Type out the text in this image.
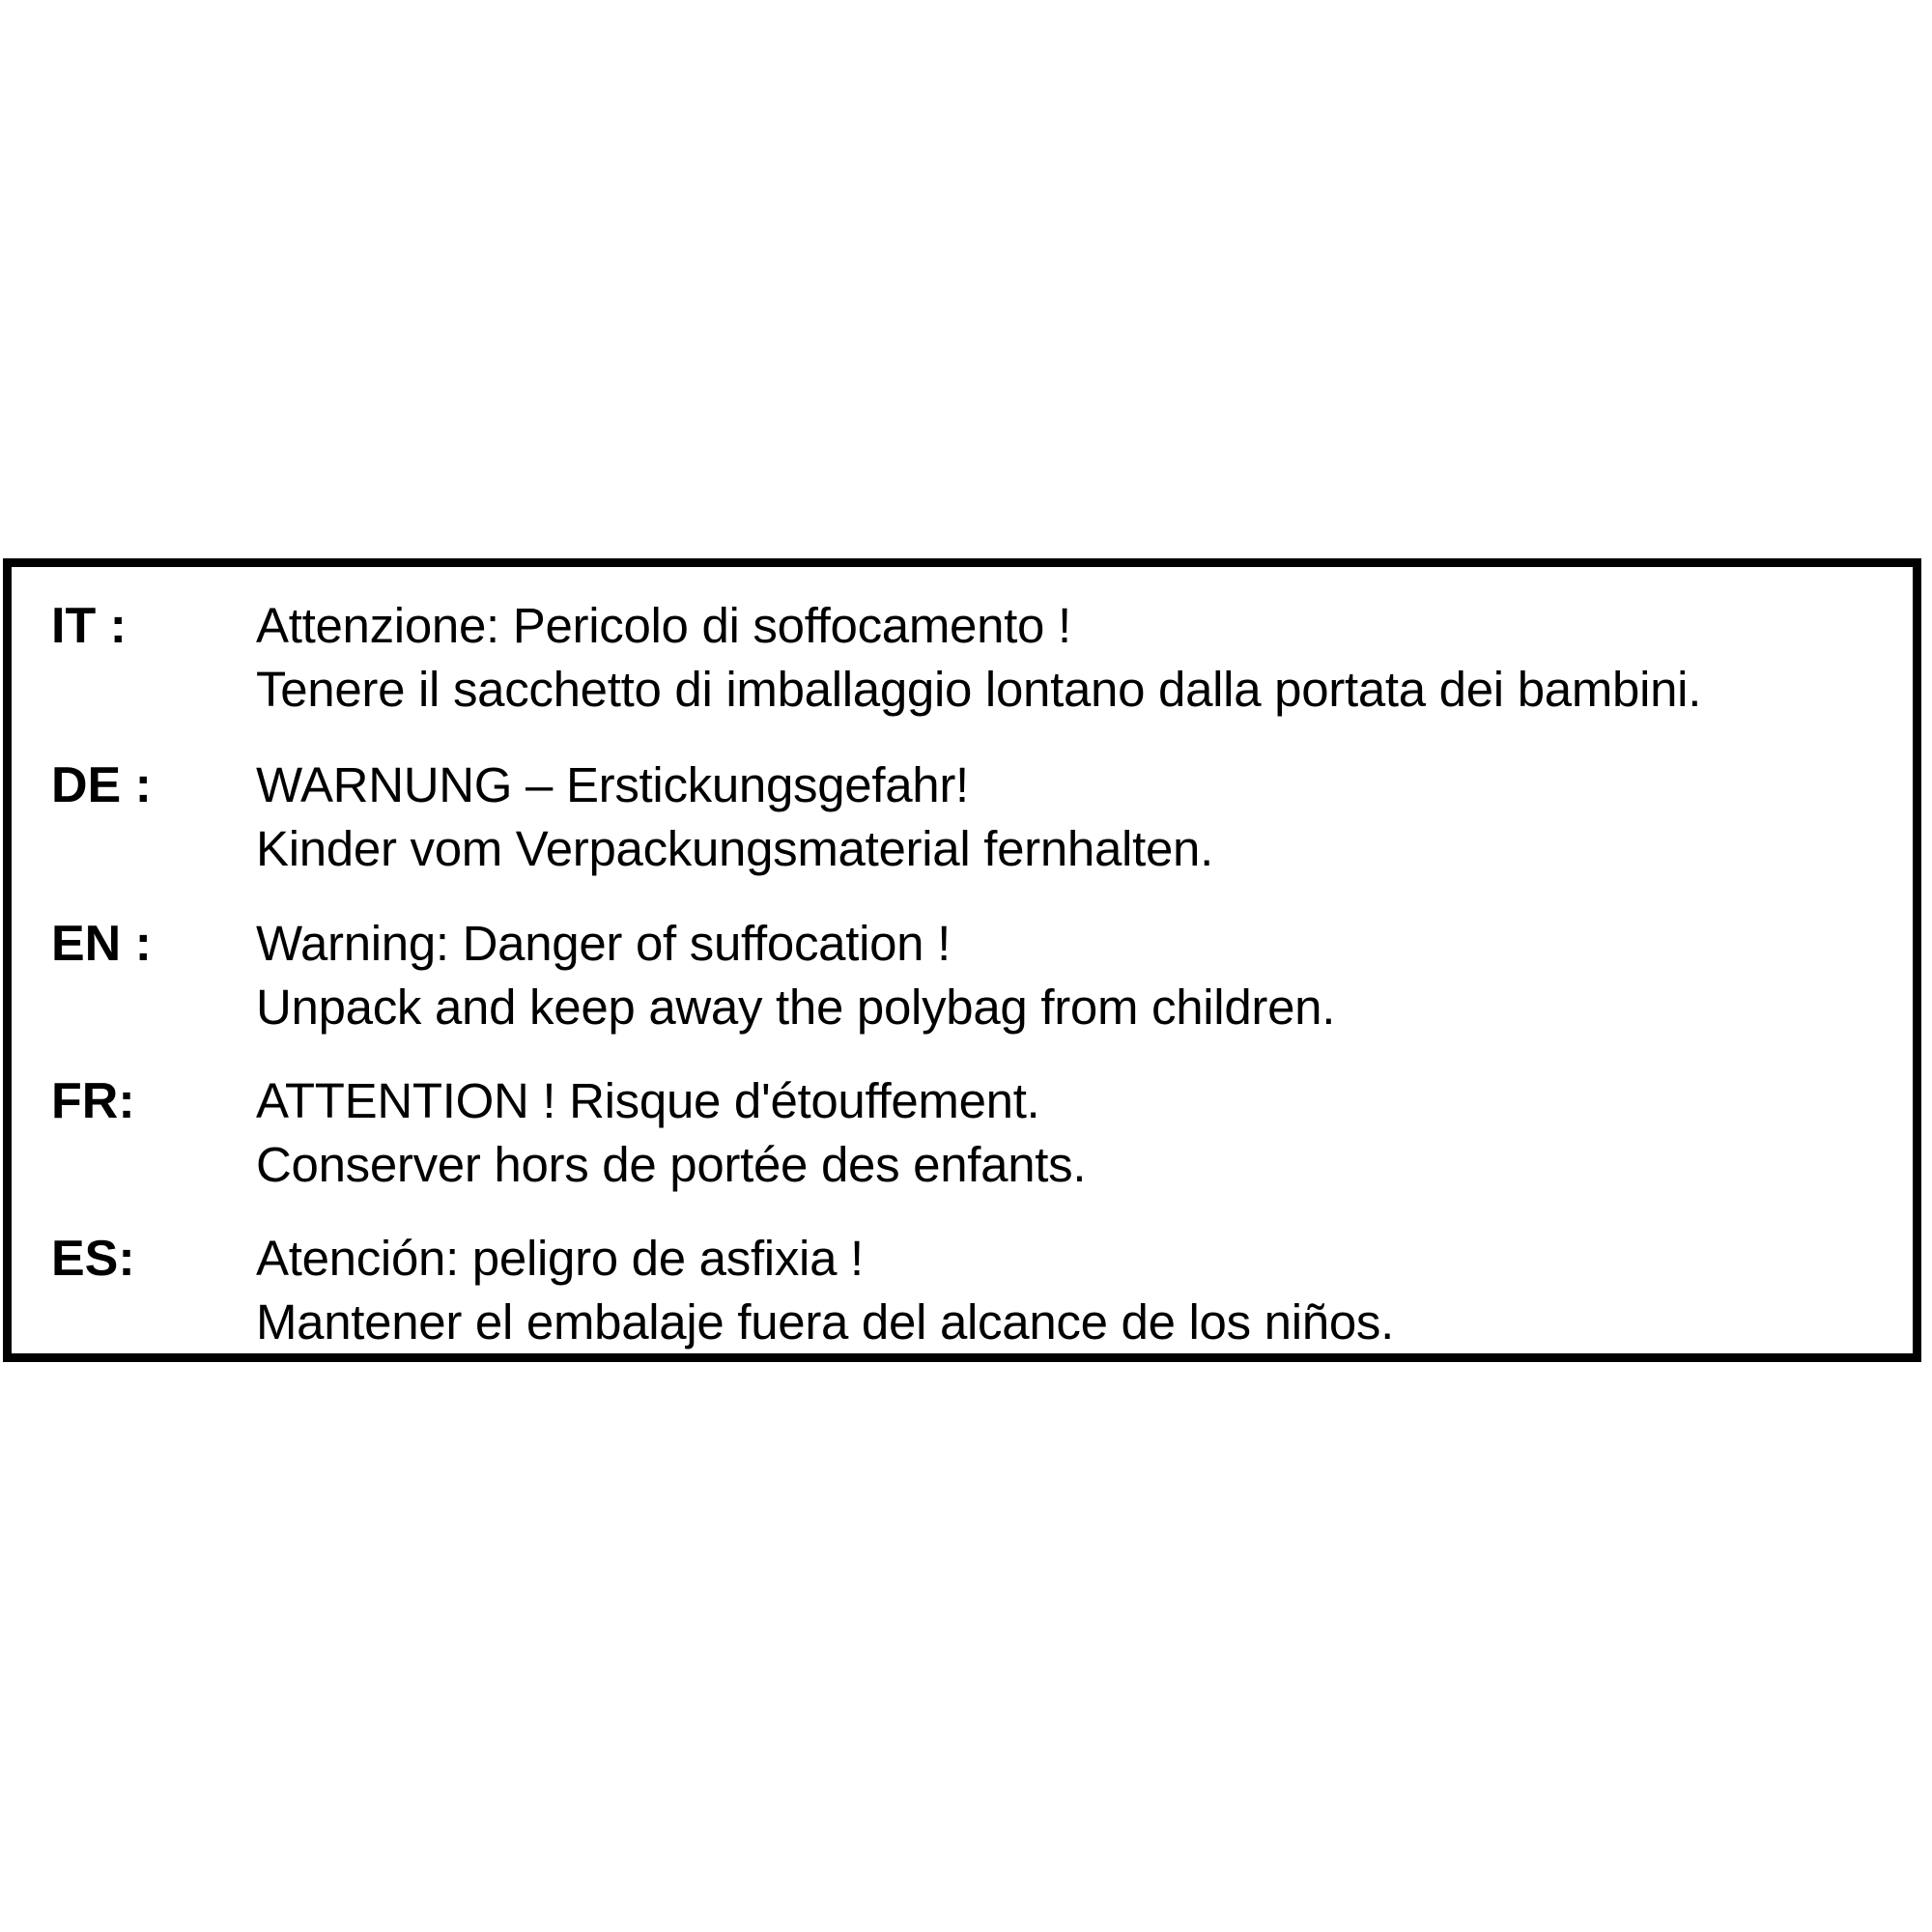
IT :	Attenzione: Pericolo di soffocamento !
Tenere il sacchetto di imballaggio lontano dalla portata dei bambini.
DE : WARNUNG – Erstickungsgefahr!
Kinder vom Verpackungsmaterial fernhalten.
EN : Warning: Danger of suffocation !
Unpack and keep away the polybag from children.
FR: ATTENTION ! Risque d'étouffement.
Conserver hors de portée des enfants.
ES: Atención: peligro de asfixia !
Mantener el embalaje fuera del alcance de los niños.
